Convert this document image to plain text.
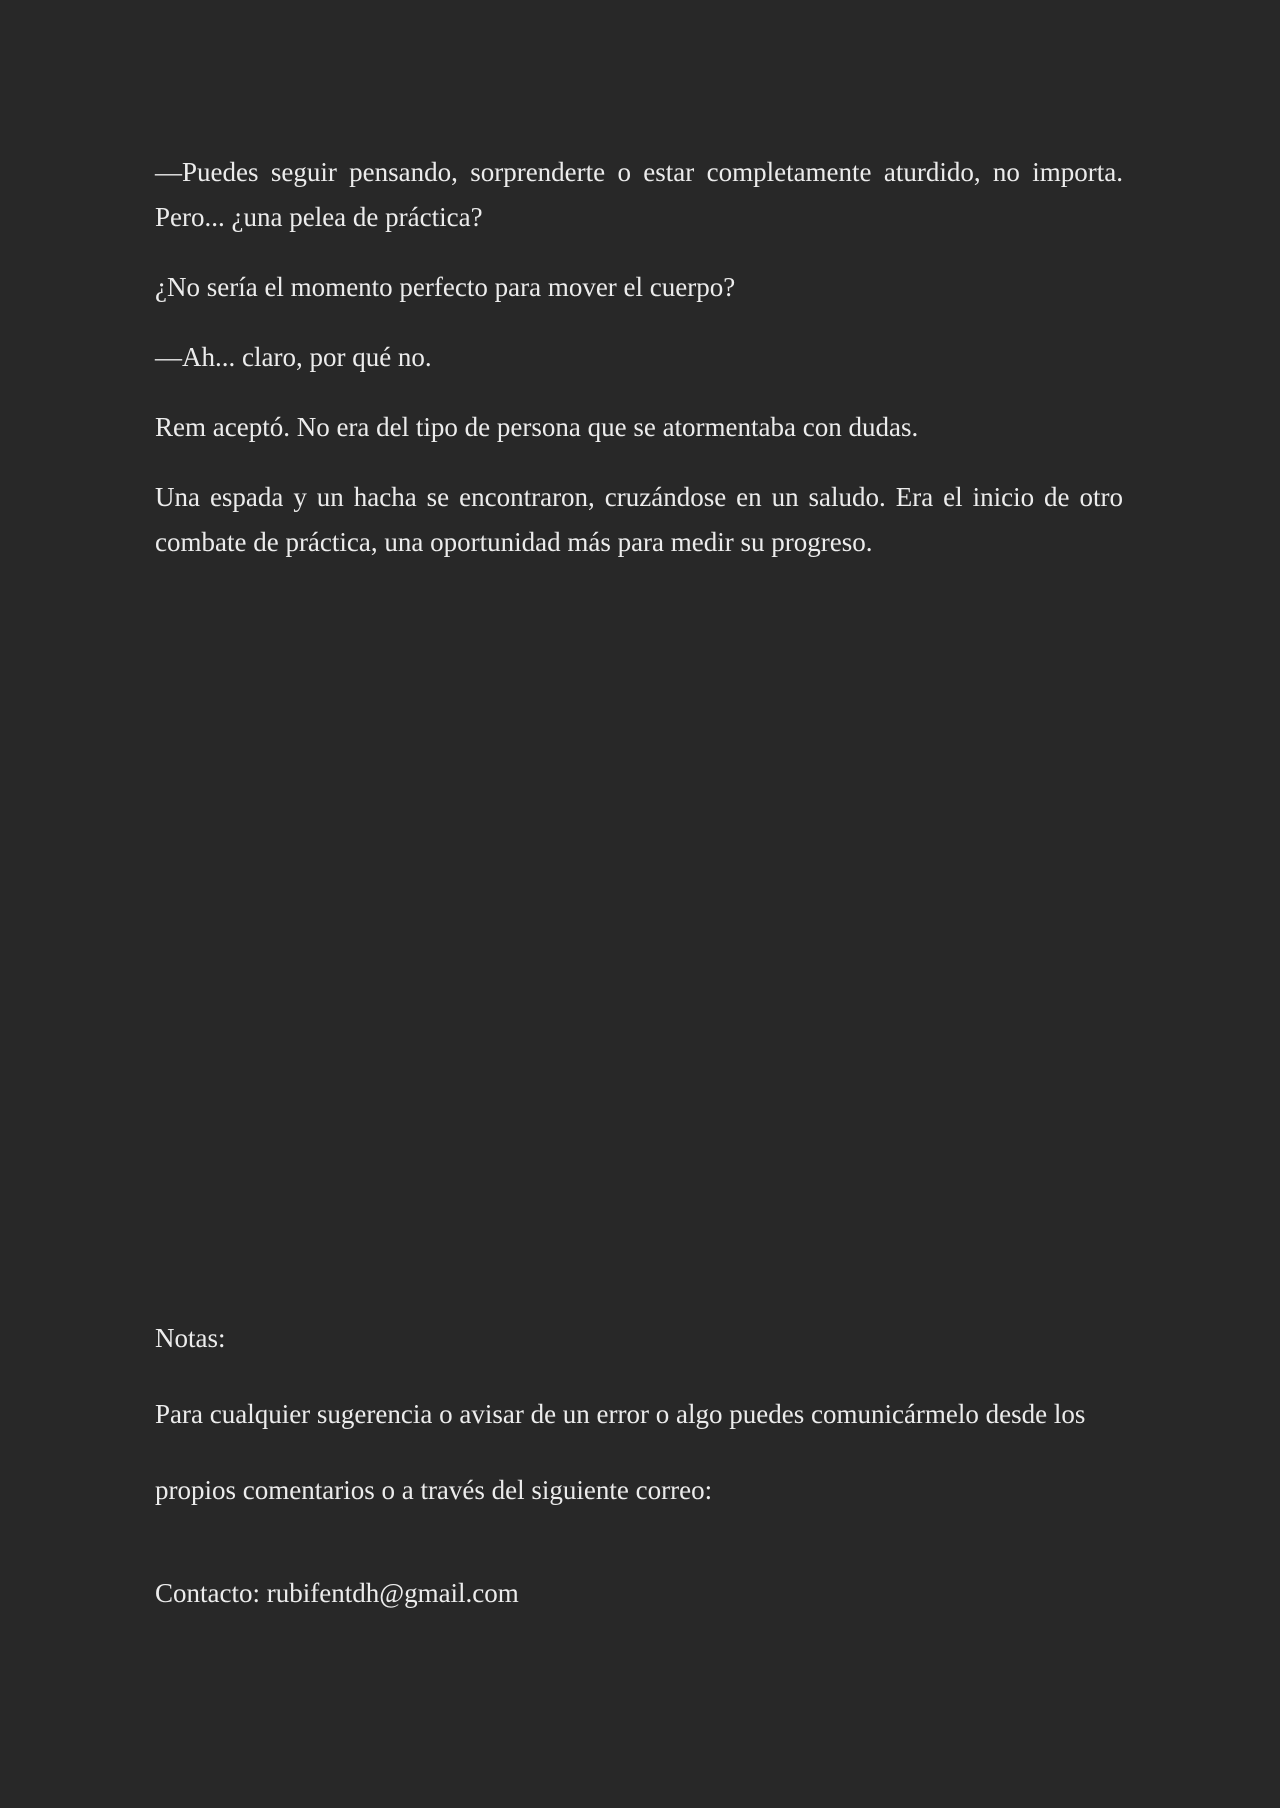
—Puedes seguir pensando, sorprenderte o estar completamente aturdido, no importa. Pero... ¿una pelea de práctica?

¿No sería el momento perfecto para mover el cuerpo?

—Ah... claro, por qué no.

Rem aceptó. No era del tipo de persona que se atormentaba con dudas.

Una espada y un hacha se encontraron, cruzándose en un saludo. Era el inicio de otro combate de práctica, una oportunidad más para medir su progreso.

Notas:

Para cualquier sugerencia o avisar de un error o algo puedes comunicármelo desde los

propios comentarios o a través del siguiente correo:

Contacto: rubifentdh@gmail.com
